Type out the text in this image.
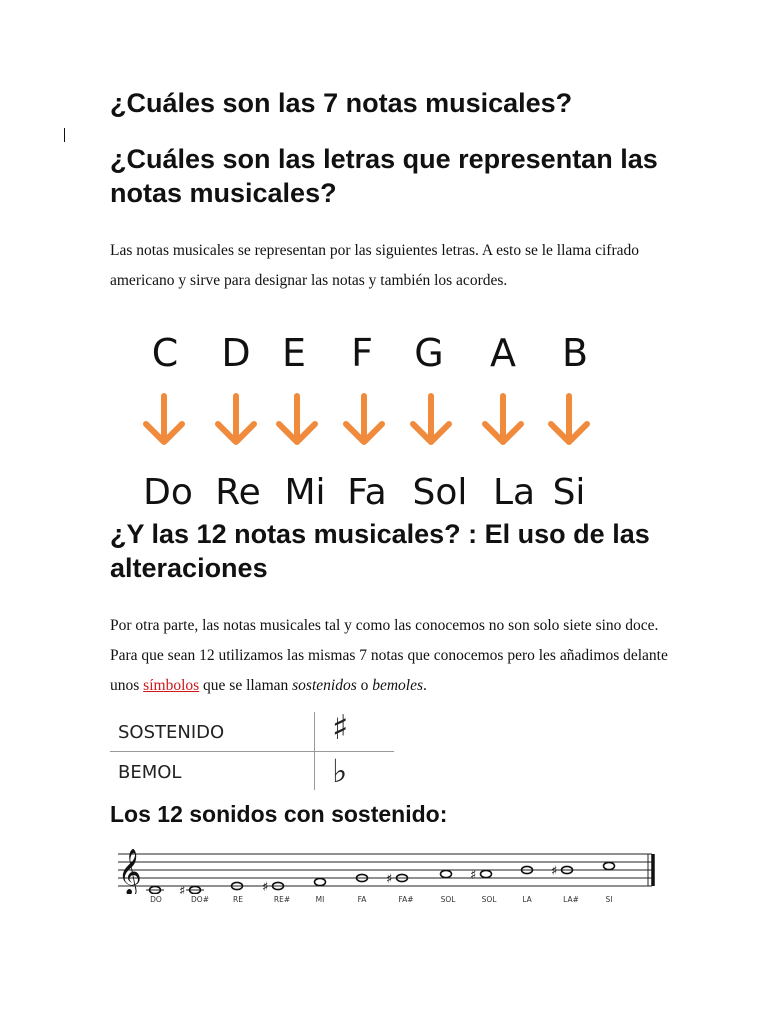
¿Cuáles son las 7 notas musicales?
¿Cuáles son las letras que representan las notas musicales?

Las notas musicales se representan por las siguientes letras. A esto se le llama cifrado americano y sirve para designar las notas y también los acordes.

C D E F G A B
Do Re Mi Fa Sol La Si
¿Y las 12 notas musicales? : El uso de las alteraciones

Por otra parte, las notas musicales tal y como las conocemos no son solo siete sino doce. Para que sean 12 utilizamos las mismas 7 notas que conocemos pero les añadimos delante unos símbolos que se llaman sostenidos o bemoles.

SOSTENIDO	♯
BEMOL	♭
Los 12 sonidos con sostenido:
𝄞	♯	♯
♯	♯	♯
DO	DO#	RE	RE#	MI	FA	FA#	SOL	SOL	LA	LA#	SI
